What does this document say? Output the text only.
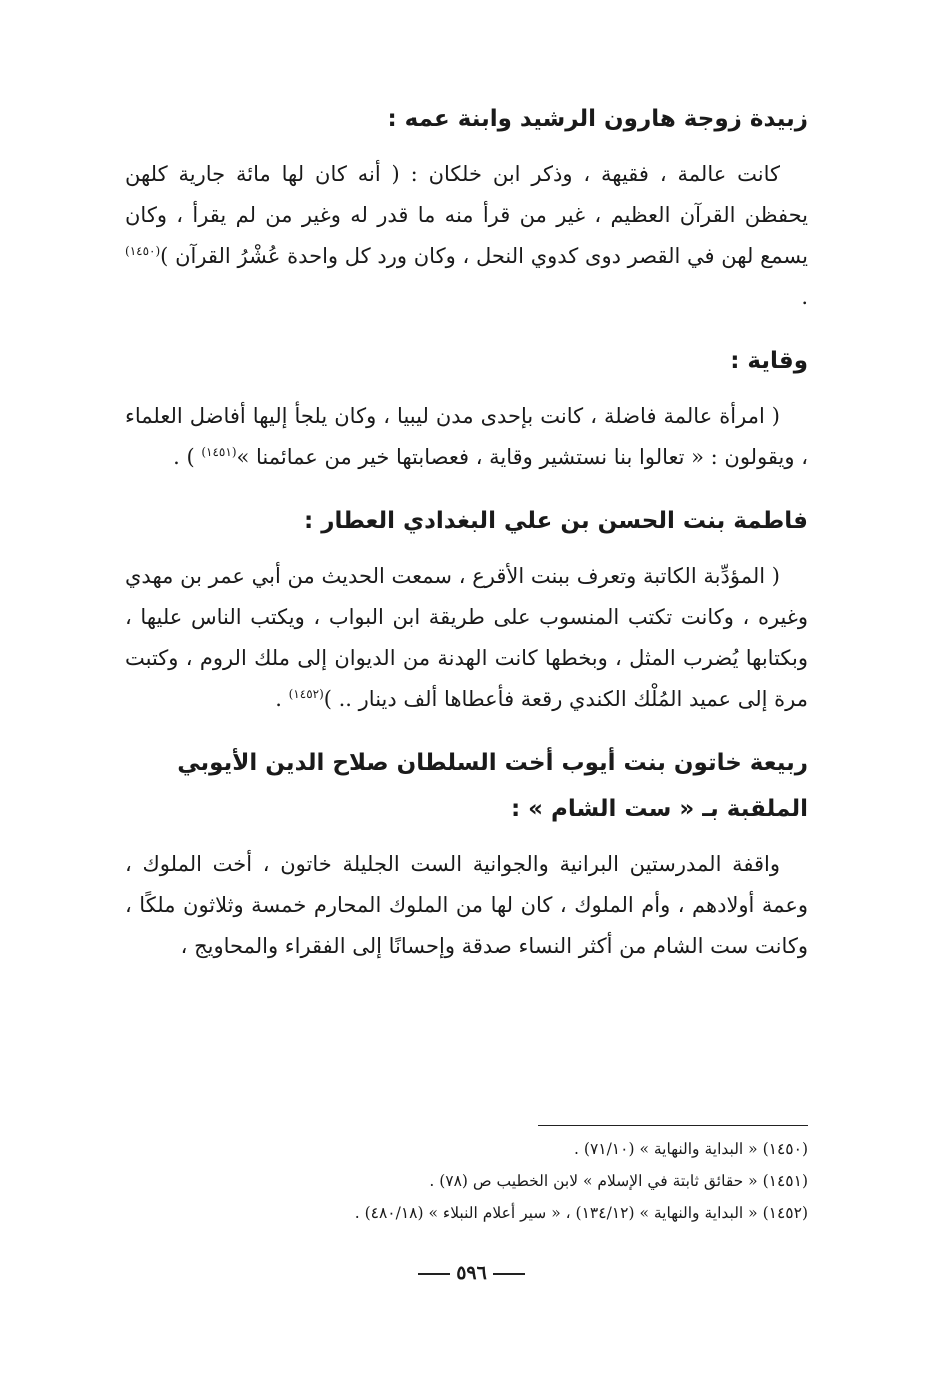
زبيدة زوجة هارون الرشيد وابنة عمه :

كانت عالمة ، فقيهة ، وذكر ابن خلكان : ( أنه كان لها مائة جارية كلهن يحفظن القرآن العظيم ، غير من قرأ منه ما قدر له وغير من لم يقرأ ، وكان يسمع لهن في القصر دوى كدوي النحل ، وكان ورد كل واحدة عُشْرُ القرآن )$^{(١٤٥٠)}$ .

وقاية :

( امرأة عالمة فاضلة ، كانت بإحدى مدن ليبيا ، وكان يلجأ إليها أفاضل العلماء ، ويقولون : « تعالوا بنا نستشير وقاية ، فعصابتها خير من عمائمنا »$^{(١٤٥١)}$ ) .

فاطمة بنت الحسن بن علي البغدادي العطار :

( المؤدِّبة الكاتبة وتعرف ببنت الأقرع ، سمعت الحديث من أبي عمر بن مهدي وغيره ، وكانت تكتب المنسوب على طريقة ابن البواب ، ويكتب الناس عليها ، وبكتابها يُضرب المثل ، وبخطها كانت الهدنة من الديوان إلى ملك الروم ، وكتبت مرة إلى عميد المُلْك الكندي رقعة فأعطاها ألف دينار .. )$^{(١٤٥٢)}$ .

ربيعة خاتون بنت أيوب أخت السلطان صلاح الدين الأيوبي الملقبة بـ « ست الشام » :

واقفة المدرستين البرانية والجوانية الست الجليلة خاتون ، أخت الملوك ، وعمة أولادهم ، وأم الملوك ، كان لها من الملوك المحارم خمسة وثلاثون ملكًا ، وكانت ست الشام من أكثر النساء صدقة وإحسانًا إلى الفقراء والمحاويج ،

(١٤٥٠) « البداية والنهاية » (٧١/١٠) .

(١٤٥١) « حقائق ثابتة في الإسلام » لابن الخطيب ص (٧٨) .

(١٤٥٢) « البداية والنهاية » (١٣٤/١٢) ، « سير أعلام النبلاء » (٤٨٠/١٨) .

٥٩٦
